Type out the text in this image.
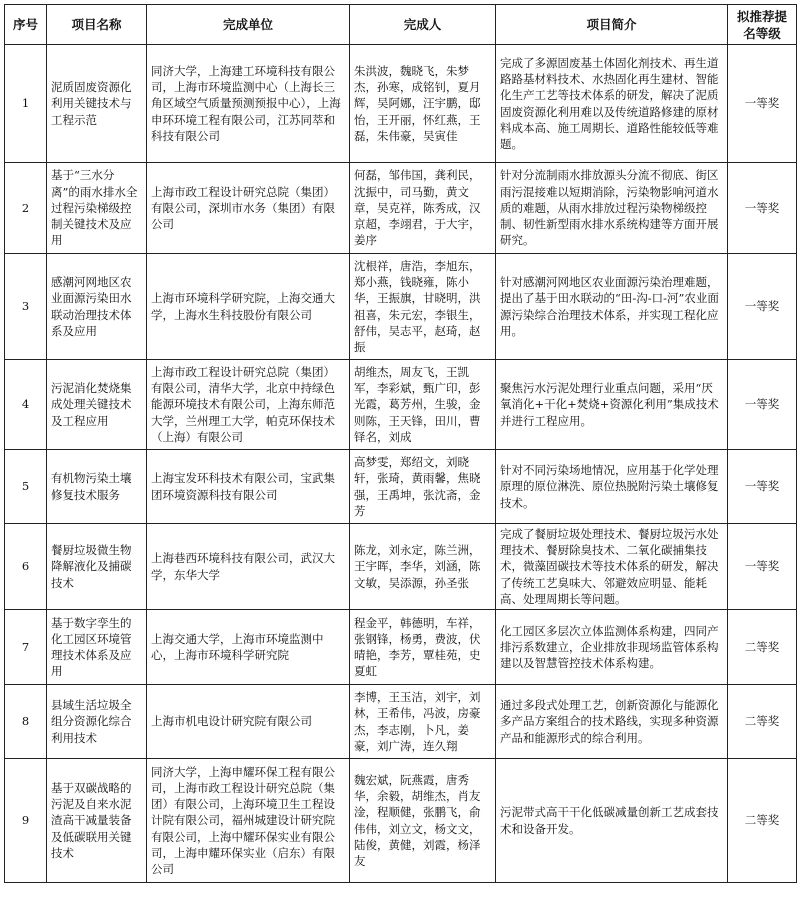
序号	项目名称	完成单位	完成人	项目简介	拟推荐提名等级
1	泥质固废资源化利用关键技术与工程示范	同济大学，上海建工环境科技有限公司，上海市环境监测中心（上海长三角区域空气质量预测预报中心），上海申环环境工程有限公司，江苏同萃和科技有限公司	朱洪波，魏晓飞，朱梦杰，孙寒，成铭钊，夏月辉，吴阿娜，汪宇鹏，邸怡，王开丽，怀红燕，王磊，朱伟豪，吴寅佳	完成了多源固废基土体固化剂技术、再生道路路基材料技术、水热固化再生建材、智能化生产工艺等技术体系的研发，解决了泥质固废资源化利用难以及传统道路修建的原材料成本高、施工周期长、道路性能较低等难题。	一等奖
2	基于“三水分离”的雨水排水全过程污染梯级控制关键技术及应用	上海市政工程设计研究总院（集团）有限公司，深圳市水务（集团）有限公司	何磊，邹伟国，龚利民，沈振中，司马勤，黄文章，吴克祥，陈秀成，汉京超，李翊君，于大宇，姜序	针对分流制雨水排放源头分流不彻底、街区雨污混接难以短期消除，污染物影响河道水质的难题，从雨水排放过程污染物梯级控制、韧性新型雨水排水系统构建等方面开展研究。	一等奖
3	感潮河网地区农业面源污染田水联动治理技术体系及应用	上海市环境科学研究院，上海交通大学，上海水生科技股份有限公司	沈根祥，唐浩，李旭东，郑小燕，钱晓雍，陈小华，王振旗，甘晓明，洪祖喜，朱元宏，李银生，舒伟，吴志平，赵琦，赵振	针对感潮河网地区农业面源污染治理难题，提出了基于田水联动的“田-沟-口-河”农业面源污染综合治理技术体系，并实现工程化应用。	一等奖
4	污泥消化焚烧集成处理关键技术及工程应用	上海市政工程设计研究总院（集团）有限公司，清华大学，北京中持绿色能源环境技术有限公司，上海东师范大学，兰州理工大学，帕克环保技术（上海）有限公司	胡维杰，周友飞，王凯军，李彩斌，甄广印，彭光霞，葛芳州，生骏，金则陈，王天锋，田川，曹铎名，刘成	聚焦污水污泥处理行业重点问题，采用“厌氧消化+干化+焚烧+资源化利用”集成技术并进行工程应用。	一等奖
5	有机物污染土壤修复技术服务	上海宝发环科技术有限公司，宝武集团环境资源科技有限公司	高梦雯，郑绍文，刘晓轩，张琦，黄雨馨，焦晓强，王禹坤，张沈斋，金芳	针对不同污染场地情况，应用基于化学处理原理的原位淋洗、原位热脱附污染土壤修复技术。	一等奖
6	餐厨垃圾微生物降解液化及捕碳技术	上海巷西环境科技有限公司，武汉大学，东华大学	陈龙，刘永定，陈兰洲，王宇晖，李华，刘涵，陈文敏，吴添源，孙圣张	完成了餐厨垃圾处理技术、餐厨垃圾污水处理技术、餐厨除臭技术、二氧化碳捕集技术，微藻固碳技术等技术体系的研发，解决了传统工艺臭味大、邻避效应明显、能耗高、处理周期长等问题。	一等奖
7	基于数字孪生的化工园区环境管理技术体系及应用	上海交通大学，上海市环境监测中心，上海市环境科学研究院	程金平，韩德明，车祥，张钢锋，杨勇，费波，伏晴艳，李芳，覃桂苑，史夏虹	化工园区多层次立体监测体系构建，四同产排污系数建立，企业排放非现场监管体系构建以及智慧管控技术体系构建。	二等奖
8	县域生活垃圾全组分资源化综合利用技术	上海市机电设计研究院有限公司	李博，王玉洁，刘宇，刘林，王希伟，冯波，房豪杰，李志刚，卜凡，姜豪，刘广涛，连久翔	通过多段式处理工艺，创新资源化与能源化多产品方案组合的技术路线，实现多种资源产品和能源形式的综合利用。	二等奖
9	基于双碳战略的污泥及自来水泥渣高干减量装备及低碳联用关键技术	同济大学，上海申耀环保工程有限公司，上海市政工程设计研究总院（集团）有限公司，上海环境卫生工程设计院有限公司，福州城建设计研究院有限公司，上海中耀环保实业有限公司，上海申耀环保实业（启东）有限公司	魏宏斌，阮燕霞，唐秀华，余毅，胡维杰，肖友淦，程顺健，张鹏飞，俞伟伟，刘立文，杨文文，陆俊，黄健，刘霞，杨泽友	污泥带式高干干化低碳减量创新工艺成套技术和设备开发。	二等奖
